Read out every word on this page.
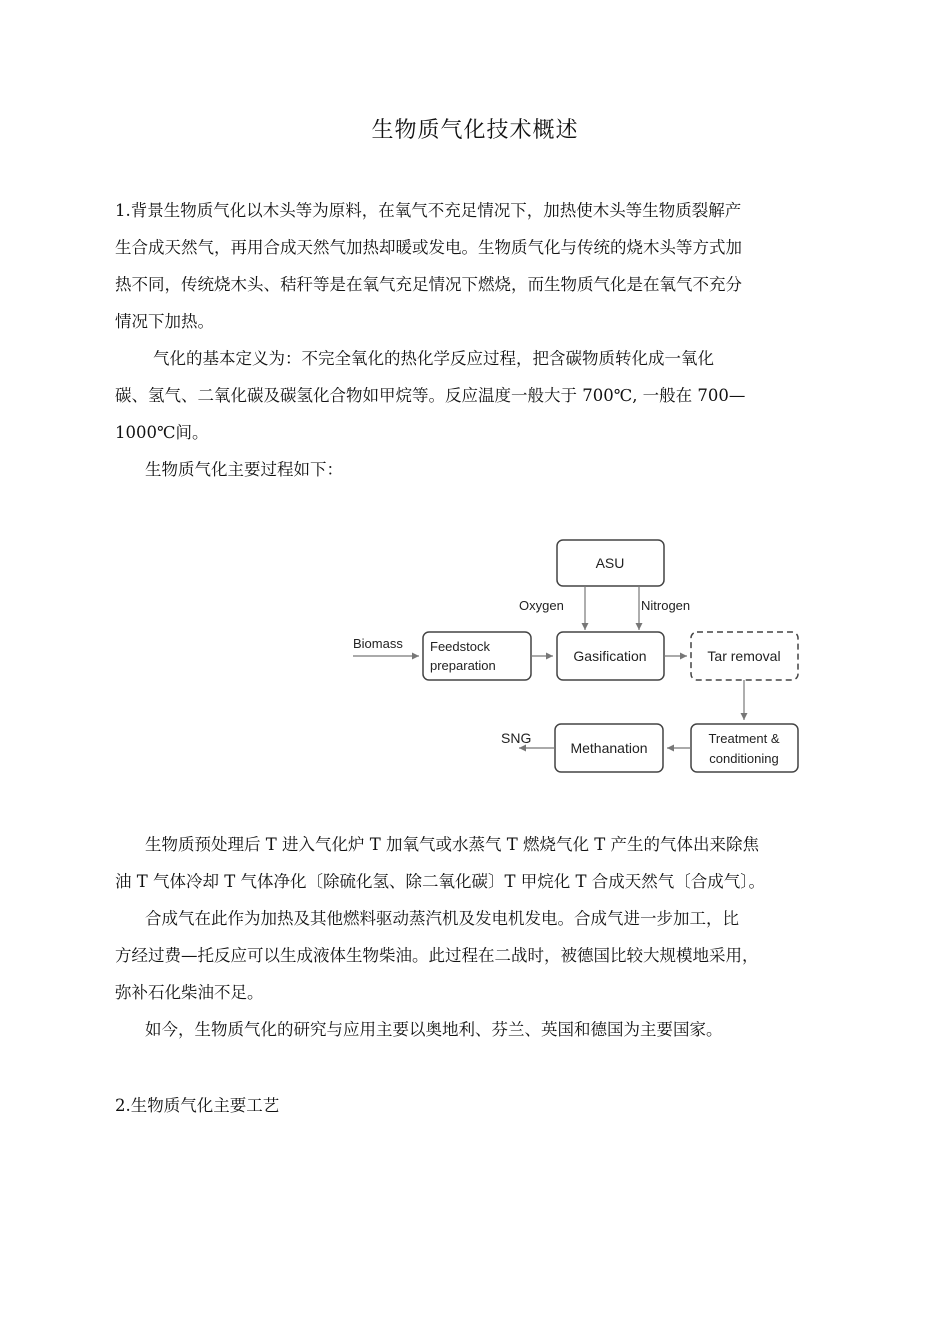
生物质气化技术概述

1.背景生物质气化以木头等为原料，在氧气不充足情况下，加热使木头等生物质裂解产
生合成天然气，再用合成天然气加热却暖或发电。生物质气化与传统的烧木头等方式加
热不同，传统烧木头、秸秆等是在氧气充足情况下燃烧，而生物质气化是在氧气不充分
情况下加热。

气化的基本定义为：不完全氧化的热化学反应过程，把含碳物质转化成一氧化
碳、氢气、二氧化碳及碳氢化合物如甲烷等。反应温度一般大于 700℃, 一般在 700—
1000℃间。

生物质气化主要过程如下：

ASU
Oxygen	Nitrogen
Biomass Feedstock
preparation
Gasification	Tar removal
Treatment &
conditioning
Methanation
SNG

生物质预处理后 T 进入气化炉 T 加氧气或水蒸气 T 燃烧气化 T 产生的气体出来除焦
油 T 气体冷却 T 气体净化〔除硫化氢、除二氧化碳〕T 甲烷化 T 合成天然气〔合成气〕。

合成气在此作为加热及其他燃料驱动蒸汽机及发电机发电。合成气进一步加工，比
方经过费—托反应可以生成液体生物柴油。此过程在二战时，被德国比较大规模地采用，
弥补石化柴油不足。

如今，生物质气化的研究与应用主要以奥地利、芬兰、英国和德国为主要国家。

2.生物质气化主要工艺
